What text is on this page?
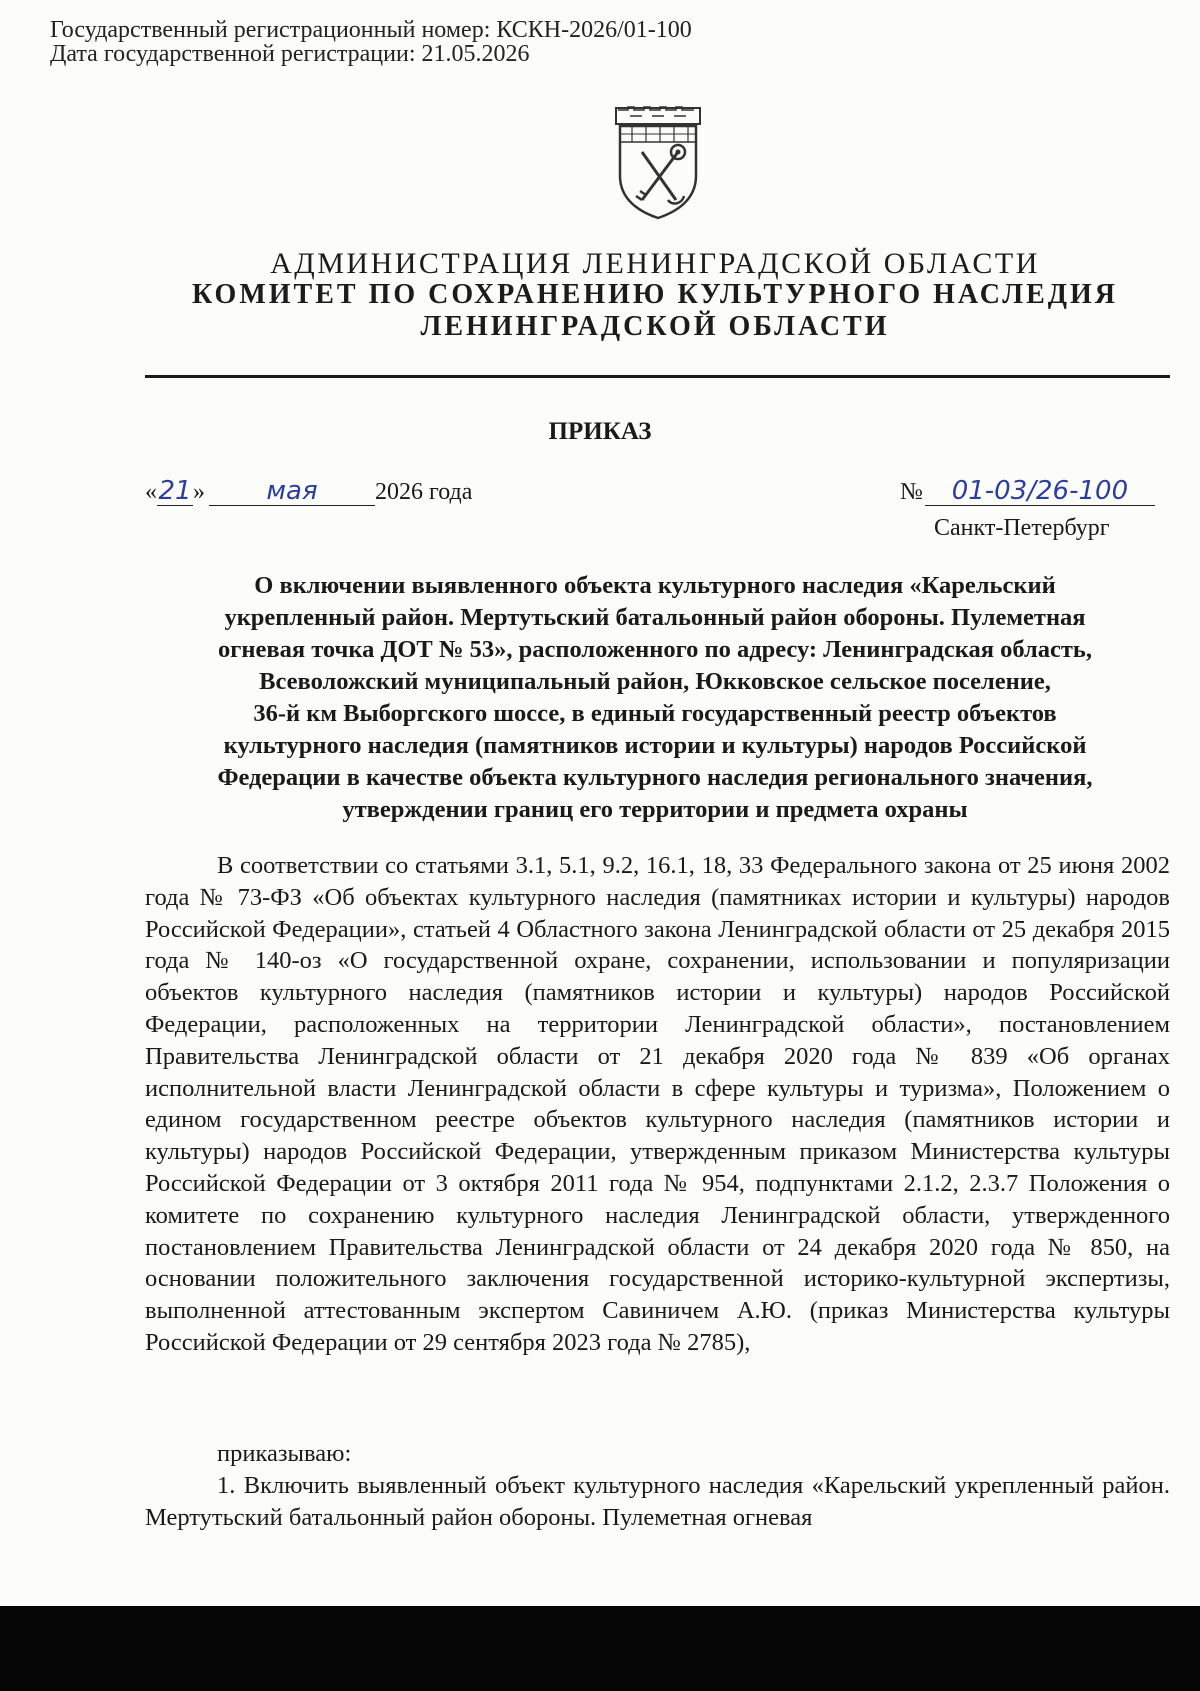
Государственный регистрационный номер: КСКН-2026/01-100
Дата государственной регистрации: 21.05.2026
АДМИНИСТРАЦИЯ ЛЕНИНГРАДСКОЙ ОБЛАСТИ
КОМИТЕТ ПО СОХРАНЕНИЮ КУЛЬТУРНОГО НАСЛЕДИЯ
ЛЕНИНГРАДСКОЙ ОБЛАСТИ
ПРИКАЗ
«21» мая 2026 года	№ 01-03/26-100
Санкт-Петербург
О включении выявленного объекта культурного наследия «Карельский
укрепленный район. Мертутьский батальонный район обороны. Пулеметная
огневая точка ДОТ № 53», расположенного по адресу: Ленинградская область,
Всеволожский муниципальный район, Юкковское сельское поселение,
36-й км Выборгского шоссе, в единый государственный реестр объектов
культурного наследия (памятников истории и культуры) народов Российской
Федерации в качестве объекта культурного наследия регионального значения,
утверждении границ его территории и предмета охраны
В соответствии со статьями 3.1, 5.1, 9.2, 16.1, 18, 33 Федерального закона от 25 июня 2002 года № 73-ФЗ «Об объектах культурного наследия (памятниках истории и культуры) народов Российской Федерации», статьей 4 Областного закона Ленинградской области от 25 декабря 2015 года № 140-оз «О государственной охране, сохранении, использовании и популяризации объектов культурного наследия (памятников истории и культуры) народов Российской Федерации, расположенных на территории Ленинградской области», постановлением Правительства Ленинградской области от 21 декабря 2020 года № 839 «Об органах исполнительной власти Ленинградской области в сфере культуры и туризма», Положением о едином государственном реестре объектов культурного наследия (памятников истории и культуры) народов Российской Федерации, утвержденным приказом Министерства культуры Российской Федерации от 3 октября 2011 года № 954, подпунктами 2.1.2, 2.3.7 Положения о комитете по сохранению культурного наследия Ленинградской области, утвержденного постановлением Правительства Ленинградской области от 24 декабря 2020 года № 850, на основании положительного заключения государственной историко-культурной экспертизы, выполненной аттестованным экспертом Савиничем А.Ю. (приказ Министерства культуры Российской Федерации от 29 сентября 2023 года № 2785),
приказываю:
1. Включить выявленный объект культурного наследия «Карельский укрепленный район. Мертутьский батальонный район обороны. Пулеметная огневая
